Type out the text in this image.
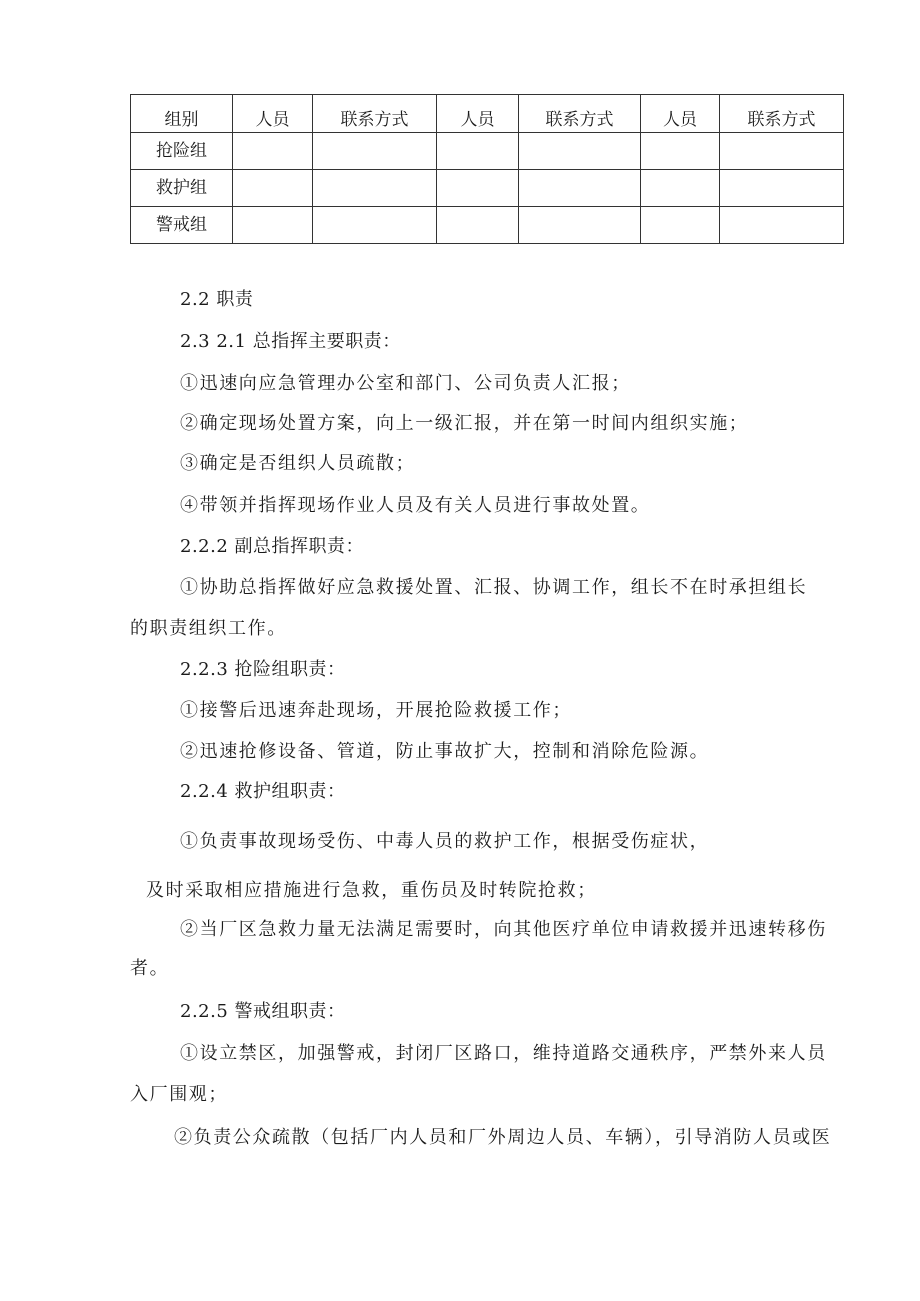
组别	人员	联系方式	人员	联系方式	人员	联系方式
抢险组						
救护组						
警戒组						
2.2 职责
2.3 2.1 总指挥主要职责：
①迅速向应急管理办公室和部门、公司负责人汇报；
②确定现场处置方案，向上一级汇报，并在第一时间内组织实施；
③确定是否组织人员疏散；
④带领并指挥现场作业人员及有关人员进行事故处置。
2.2.2 副总指挥职责：
①协助总指挥做好应急救援处置、汇报、协调工作，组长不在时承担组长
的职责组织工作。
2.2.3 抢险组职责：
①接警后迅速奔赴现场，开展抢险救援工作；
②迅速抢修设备、管道，防止事故扩大，控制和消除危险源。
2.2.4 救护组职责：
①负责事故现场受伤、中毒人员的救护工作，根据受伤症状，
及时采取相应措施进行急救，重伤员及时转院抢救；
②当厂区急救力量无法满足需要时，向其他医疗单位申请救援并迅速转移伤
者。
2.2.5 警戒组职责：
①设立禁区，加强警戒，封闭厂区路口，维持道路交通秩序，严禁外来人员
入厂围观；
②负责公众疏散（包括厂内人员和厂外周边人员、车辆），引导消防人员或医
